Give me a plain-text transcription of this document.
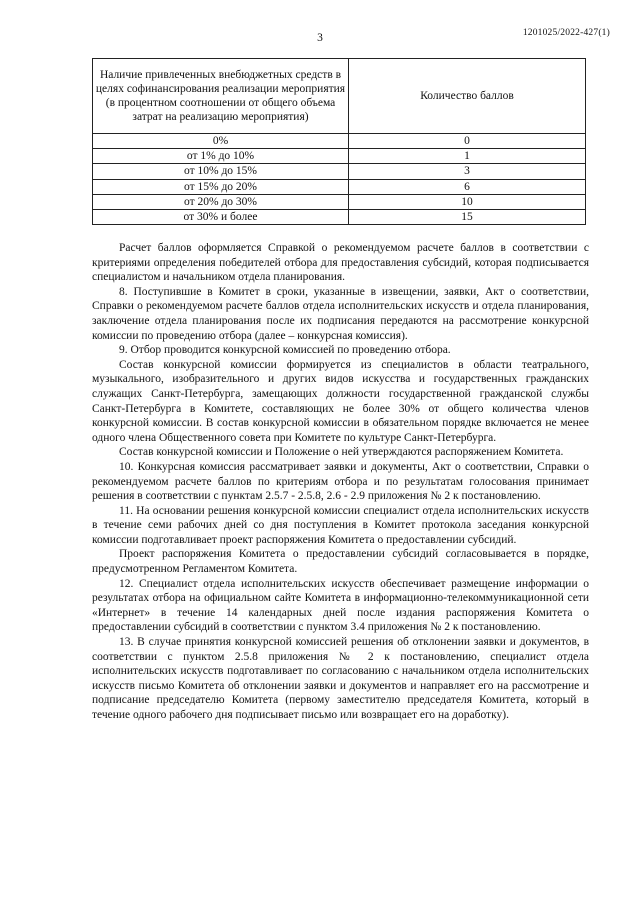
1201025/2022-427(1)
3
Наличие привлеченных внебюджетных средств в целях софинансирования реализации мероприятия (в процентном соотношении от общего объема затрат на реализацию мероприятия)	Количество баллов
0%	0
от 1% до 10%	1
от 10% до 15%	3
от 15% до 20%	6
от 20% до 30%	10
от 30% и более	15

Расчет баллов оформляется Справкой о рекомендуемом расчете баллов в соответствии с критериями определения победителей отбора для предоставления субсидий, которая подписывается специалистом и начальником отдела планирования.

8. Поступившие в Комитет в сроки, указанные в извещении, заявки, Акт о соответствии, Справки о рекомендуемом расчете баллов отдела исполнительских искусств и отдела планирования, заключение отдела планирования после их подписания передаются на рассмотрение конкурсной комиссии по проведению отбора (далее – конкурсная комиссия).

9. Отбор проводится конкурсной комиссией по проведению отбора.

Состав конкурсной комиссии формируется из специалистов в области театрального, музыкального, изобразительного и других видов искусства и государственных гражданских служащих Санкт-Петербурга, замещающих должности государственной гражданской службы Санкт-Петербурга в Комитете, составляющих не более 30% от общего количества членов конкурсной комиссии. В состав конкурсной комиссии в обязательном порядке включается не менее одного члена Общественного совета при Комитете по культуре Санкт-Петербурга.

Состав конкурсной комиссии и Положение о ней утверждаются распоряжением Комитета.

10. Конкурсная комиссия рассматривает заявки и документы, Акт о соответствии, Справки о рекомендуемом расчете баллов по критериям отбора и по результатам голосования принимает решения в соответствии с пунктам 2.5.7 - 2.5.8, 2.6 - 2.9 приложения № 2 к постановлению.

11. На основании решения конкурсной комиссии специалист отдела исполнительских искусств в течение семи рабочих дней со дня поступления в Комитет протокола заседания конкурсной комиссии подготавливает проект распоряжения Комитета о предоставлении субсидий.

Проект распоряжения Комитета о предоставлении субсидий согласовывается в порядке, предусмотренном Регламентом Комитета.

12. Специалист отдела исполнительских искусств обеспечивает размещение информации о результатах отбора на официальном сайте Комитета в информационно-телекоммуникационной сети «Интернет» в течение 14 календарных дней после издания распоряжения Комитета о предоставлении субсидий в соответствии с пунктом 3.4 приложения № 2 к постановлению.

13. В случае принятия конкурсной комиссией решения об отклонении заявки и документов, в соответствии с пунктом 2.5.8 приложения № 2 к постановлению, специалист отдела исполнительских искусств подготавливает по согласованию с начальником отдела исполнительских искусств письмо Комитета об отклонении заявки и документов и направляет его на рассмотрение и подписание председателю Комитета (первому заместителю председателя Комитета, который в течение одного рабочего дня подписывает письмо или возвращает его на доработку).
